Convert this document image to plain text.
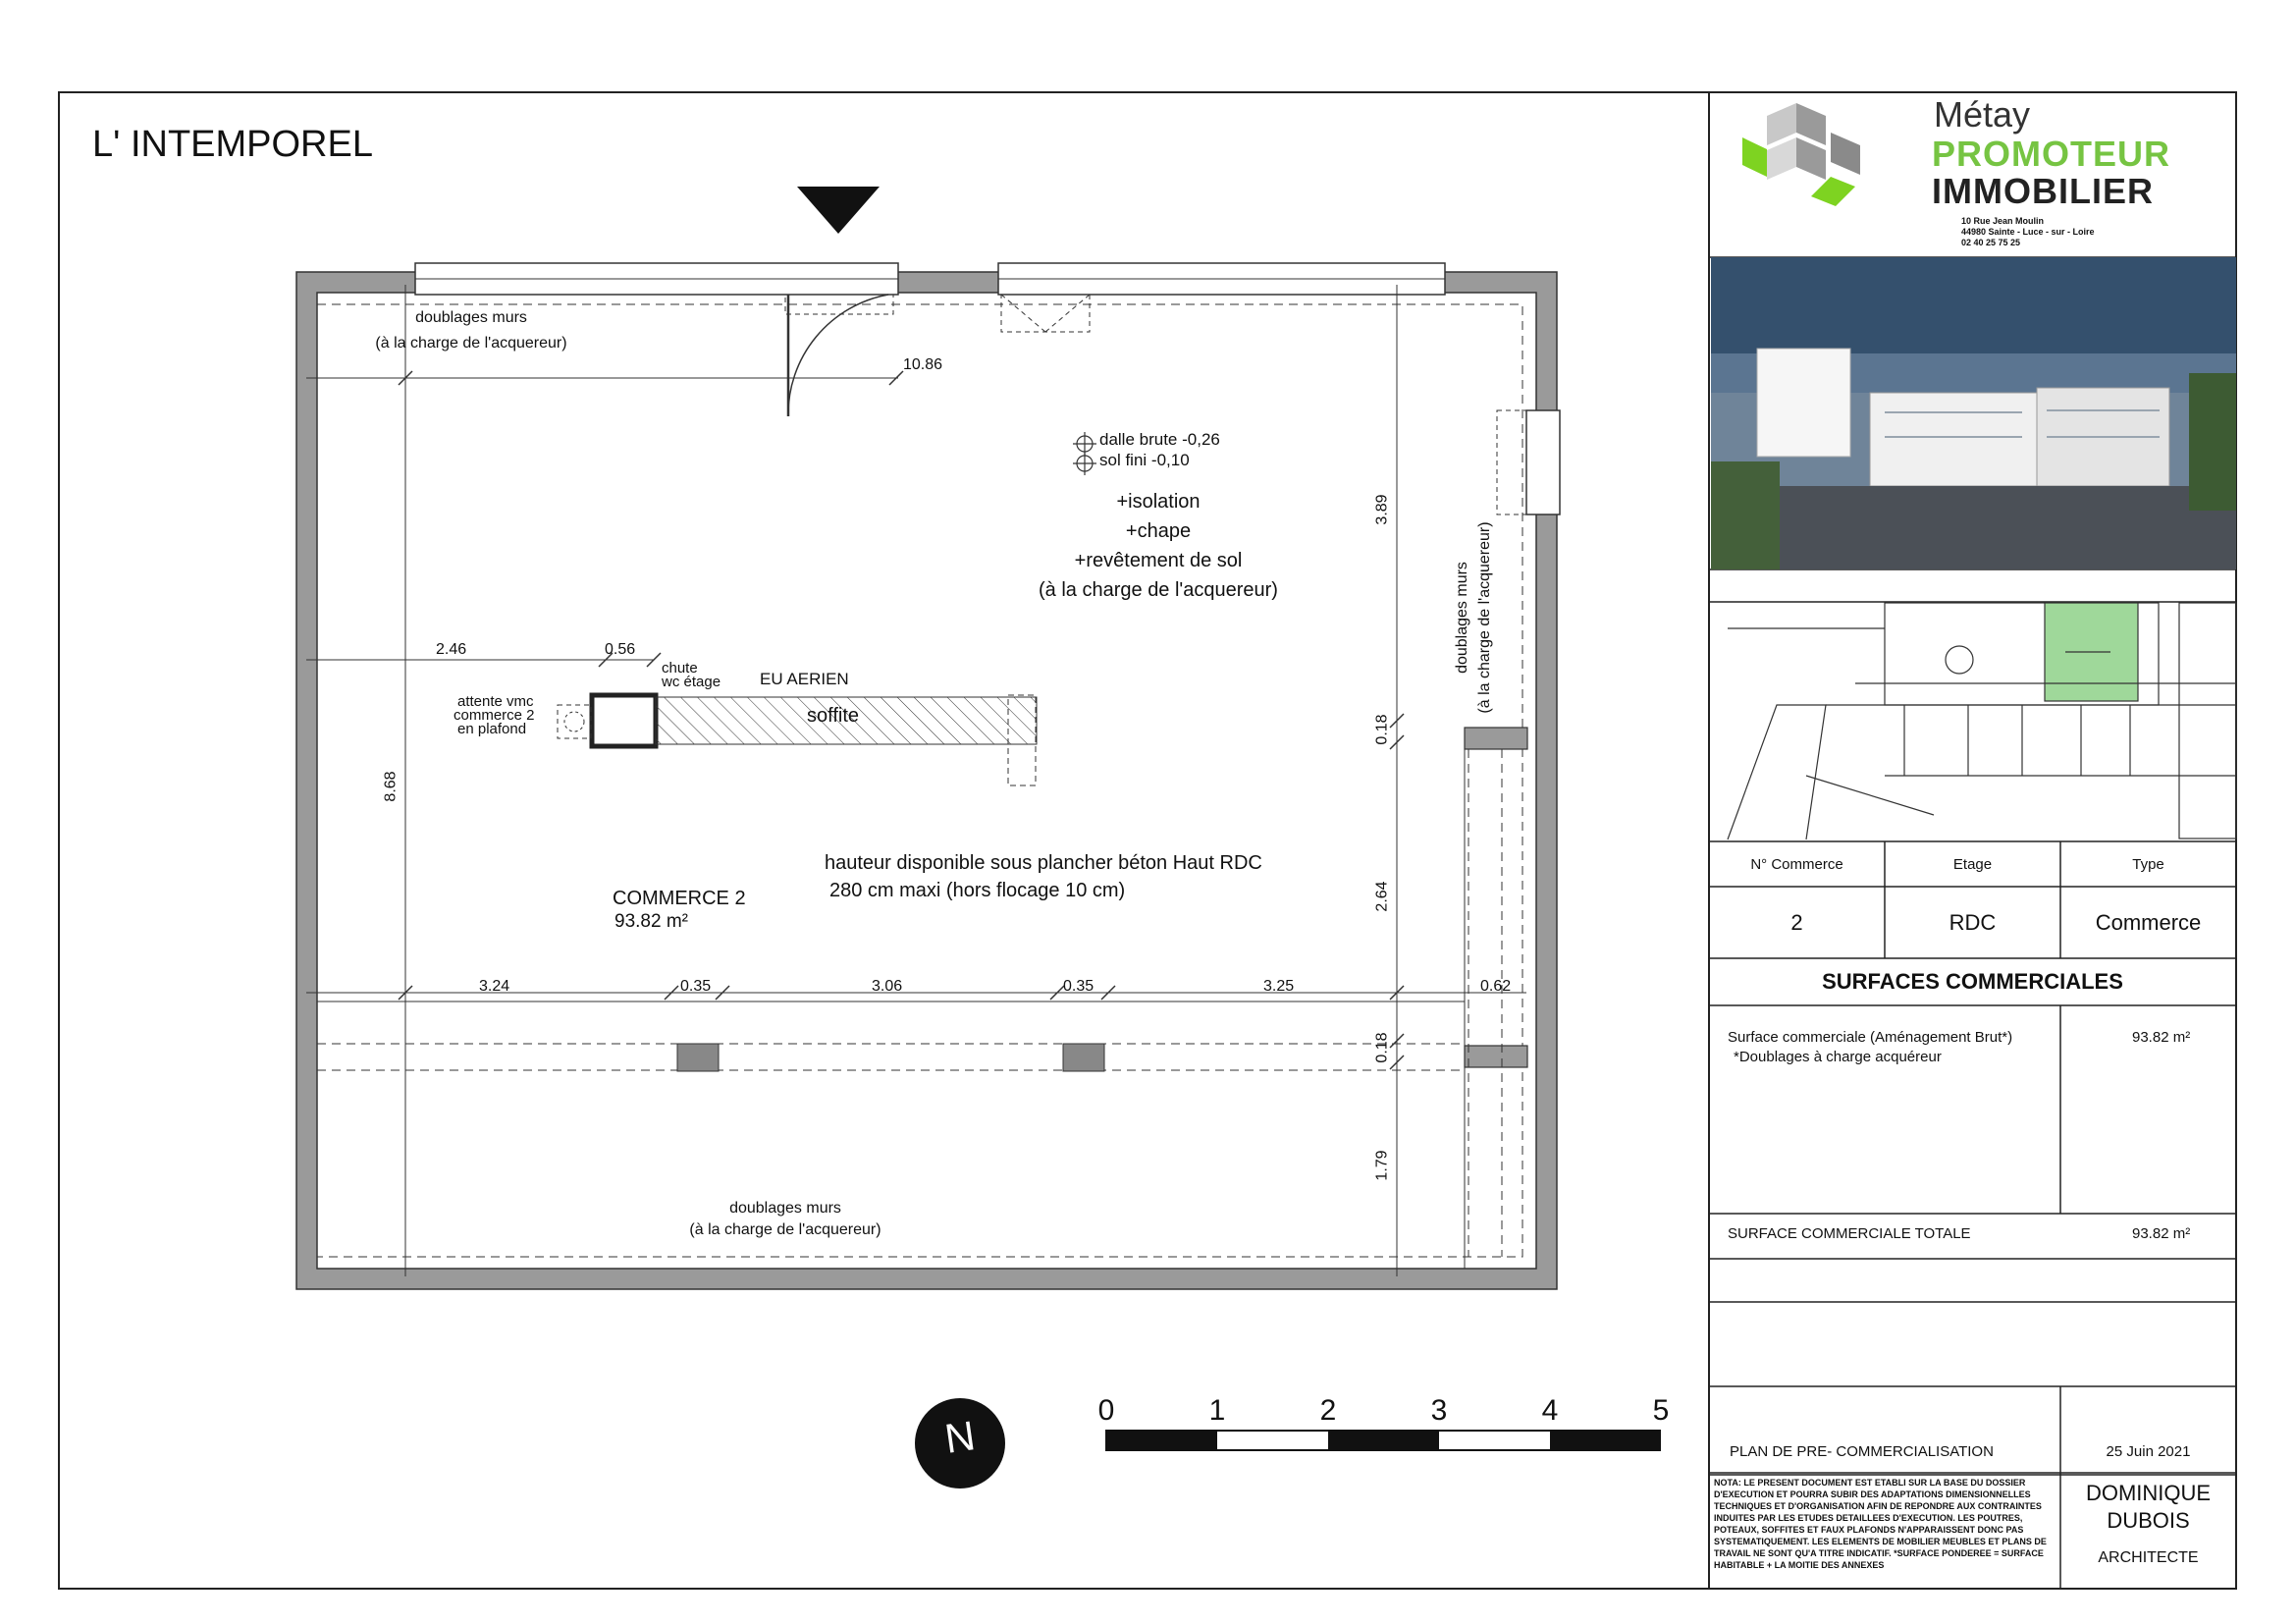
Métay
PROMOTEUR
IMMOBILIER
10 Rue Jean Moulin
44980 Sainte - Luce - sur - Loire
02 40 25 75 25
L' INTEMPOREL
doublages murs
(à la charge de l'acquereur)
10.86
dalle brute -0,26
sol fini -0,10
+isolation
+chape
+revêtement de sol
(à la charge de l'acquereur)
2.46	0.56
chute
wc étage EU AERIEN
soffite
attente vmc
commerce 2
en plafond
hauteur disponible sous plancher béton Haut RDC
280 cm maxi (hors flocage 10 cm)
COMMERCE 2
93.82 m²
3.24	0.35	3.06	0.35	3.25	0.62
doublages murs
(à la charge de l'acquereur)
8.68
3.89
0.18
2.64
0.18
1.79
doublages murs (à la charge de l'acquereur)
N
0	1	2	3	4	5
N° Commerce	Etage	Type
2	RDC	Commerce
SURFACES COMMERCIALES
Surface commerciale (Aménagement Brut*)
*Doublages à charge acquéreur
93.82 m²
SURFACE COMMERCIALE TOTALE	93.82 m²
PLAN DE PRE- COMMERCIALISATION	25 Juin 2021
NOTA: LE PRESENT DOCUMENT EST ETABLI SUR LA BASE DU DOSSIER D'EXECUTION ET POURRA SUBIR DES ADAPTATIONS DIMENSIONNELLES TECHNIQUES ET D'ORGANISATION AFIN DE REPONDRE AUX CONTRAINTES INDUITES PAR LES ETUDES DETAILLEES D'EXECUTION. LES POUTRES, POTEAUX, SOFFITES ET FAUX PLAFONDS N'APPARAISSENT DONC PAS SYSTEMATIQUEMENT. LES ELEMENTS DE MOBILIER MEUBLES ET PLANS DE TRAVAIL NE SONT QU'A TITRE INDICATIF. *SURFACE PONDEREE = SURFACE HABITABLE + LA MOITIE DES ANNEXES
DOMINIQUE
DUBOIS
ARCHITECTE
